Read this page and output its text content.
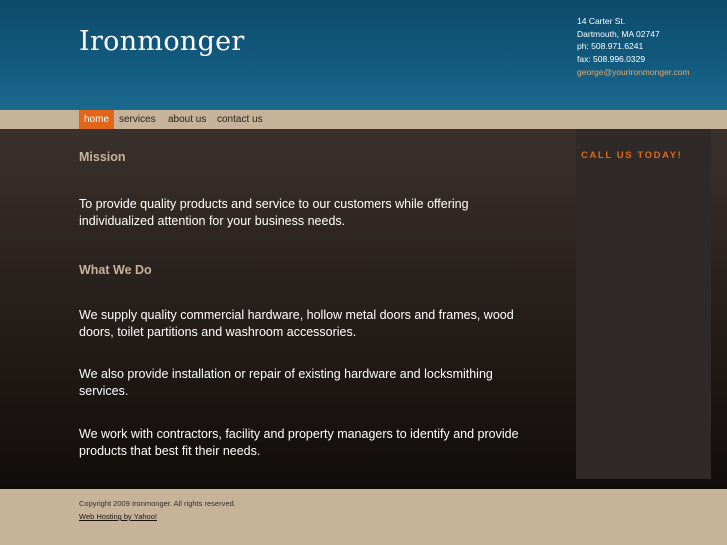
Ironmonger
14 Carter St.
Dartmouth, MA 02747
ph: 508.971.6241
fax: 508.996.0329
george@yourironmonger.com
home services	about us	contact us
Mission
To provide quality products and service to our customers while offering individualized attention for your business needs.
What We Do
We supply quality commercial hardware, hollow metal doors and frames, wood doors, toilet partitions and washroom accessories.
We also provide installation or repair of existing hardware and locksmithing services.
We work with contractors, facility and property managers to identify and provide products that best fit their needs.
CALL US TODAY!
Copyright 2009 Ironmonger. All rights reserved.
Web Hosting by Yahoo!
